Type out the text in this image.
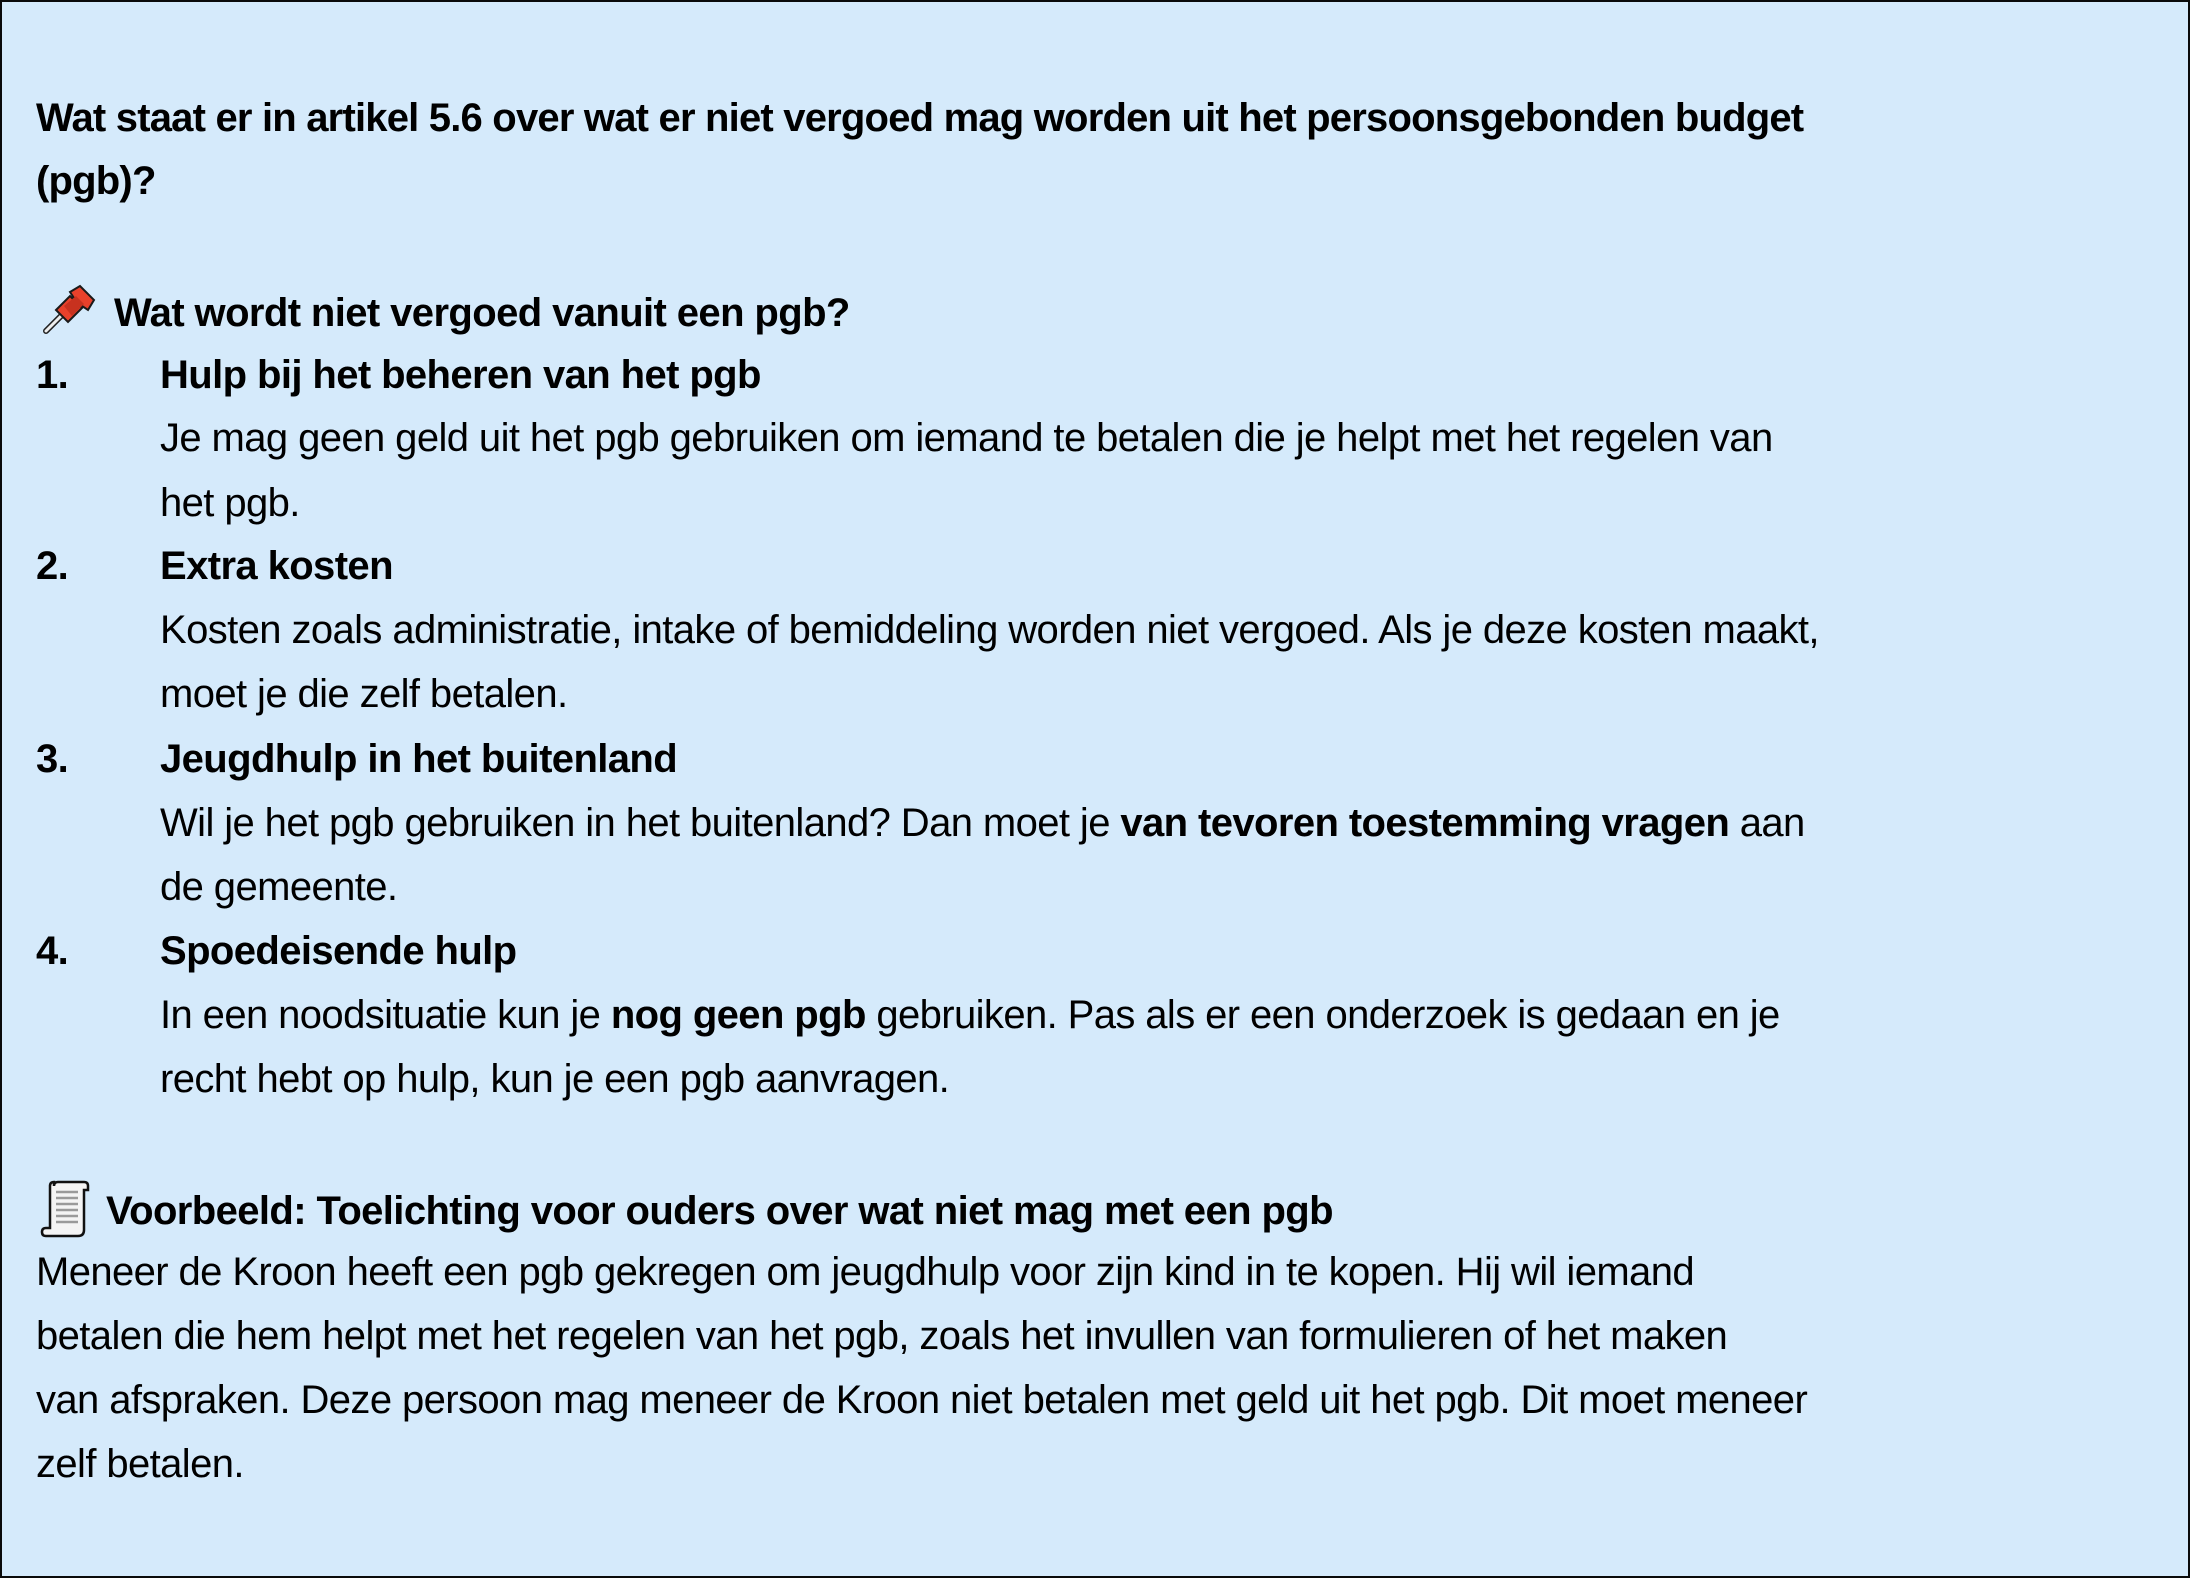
Wat staat er in artikel 5.6 over wat er niet vergoed mag worden uit het persoonsgebonden budget
(pgb)?
Wat wordt niet vergoed vanuit een pgb?
1. Hulp bij het beheren van het pgb
Je mag geen geld uit het pgb gebruiken om iemand te betalen die je helpt met het regelen van
het pgb.
2. Extra kosten
Kosten zoals administratie, intake of bemiddeling worden niet vergoed. Als je deze kosten maakt,
moet je die zelf betalen.
3. Jeugdhulp in het buitenland
Wil je het pgb gebruiken in het buitenland? Dan moet je van tevoren toestemming vragen aan
de gemeente.
4. Spoedeisende hulp
In een noodsituatie kun je nog geen pgb gebruiken. Pas als er een onderzoek is gedaan en je
recht hebt op hulp, kun je een pgb aanvragen.
Voorbeeld: Toelichting voor ouders over wat niet mag met een pgb
Meneer de Kroon heeft een pgb gekregen om jeugdhulp voor zijn kind in te kopen. Hij wil iemand
betalen die hem helpt met het regelen van het pgb, zoals het invullen van formulieren of het maken
van afspraken. Deze persoon mag meneer de Kroon niet betalen met geld uit het pgb. Dit moet meneer
zelf betalen.
